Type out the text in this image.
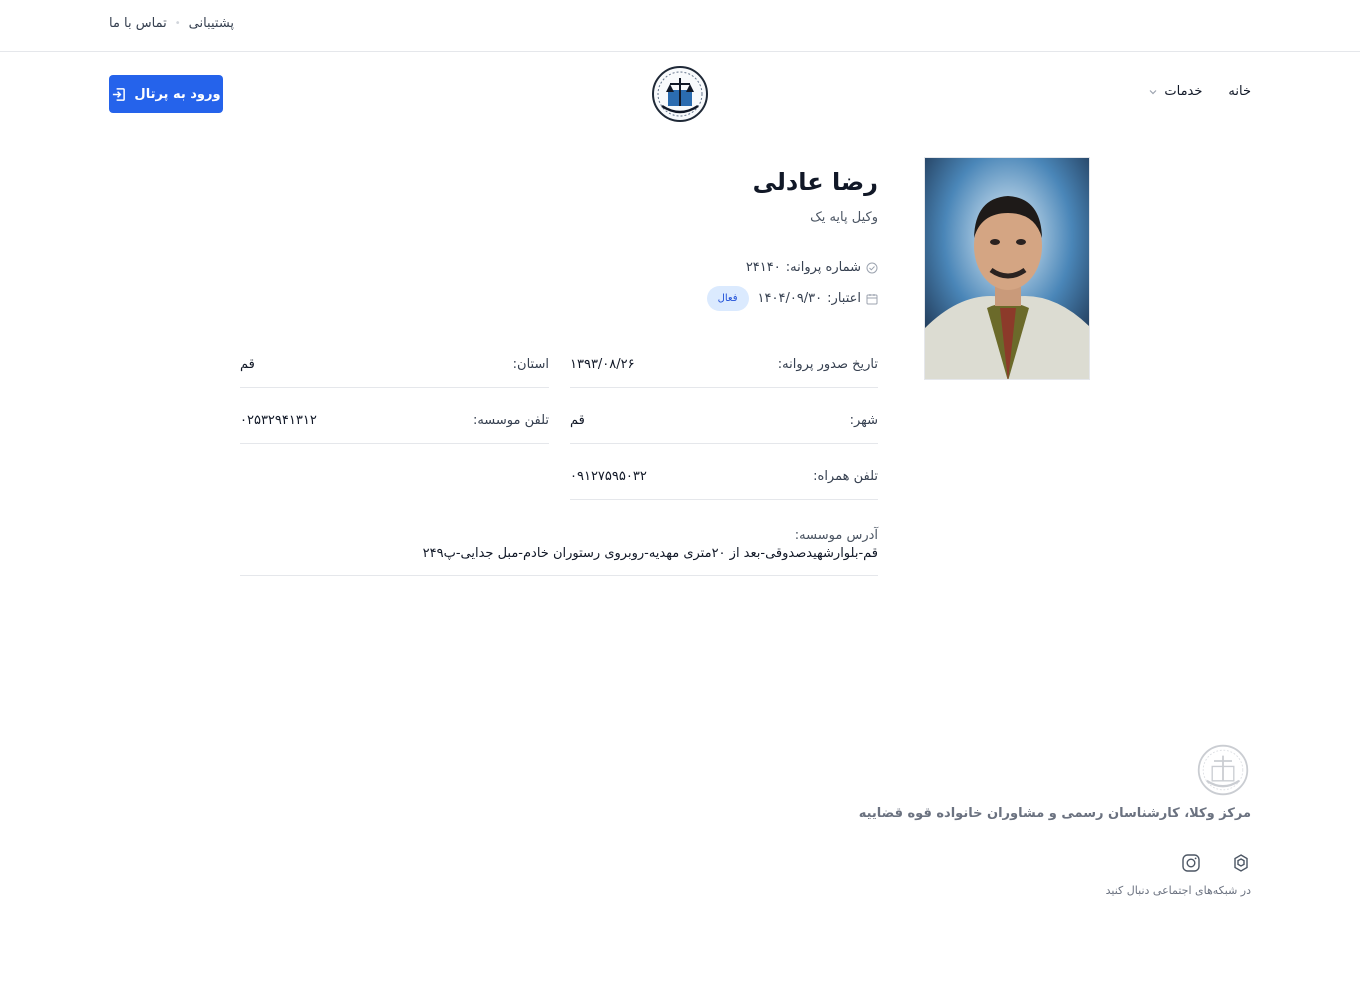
پشتیبانی
•
تماس با ما
ورود به پرتال	خانه
خدمات
رضا عادلی
وکیل پایه یک
شماره پروانه:
۲۴۱۴۰
اعتبار:
۱۴۰۴/۰۹/۳۰
فعال
تاریخ صدور پروانه:
۱۳۹۳/۰۸/۲۶
استان:
قم
شهر:
قم
تلفن موسسه:
۰۲۵۳۲۹۴۱۳۱۲
تلفن همراه:
۰۹۱۲۷۵۹۵۰۳۲
آدرس موسسه:
قم-بلوارشهیدصدوقی-بعد از ۲۰متری مهدیه-روبروی رستوران خادم-مبل جدایی-پ۲۴۹
مرکز وکلا، کارشناسان رسمی و مشاوران خانواده قوه قضاییه
در شبکه‌های اجتماعی دنبال کنید
